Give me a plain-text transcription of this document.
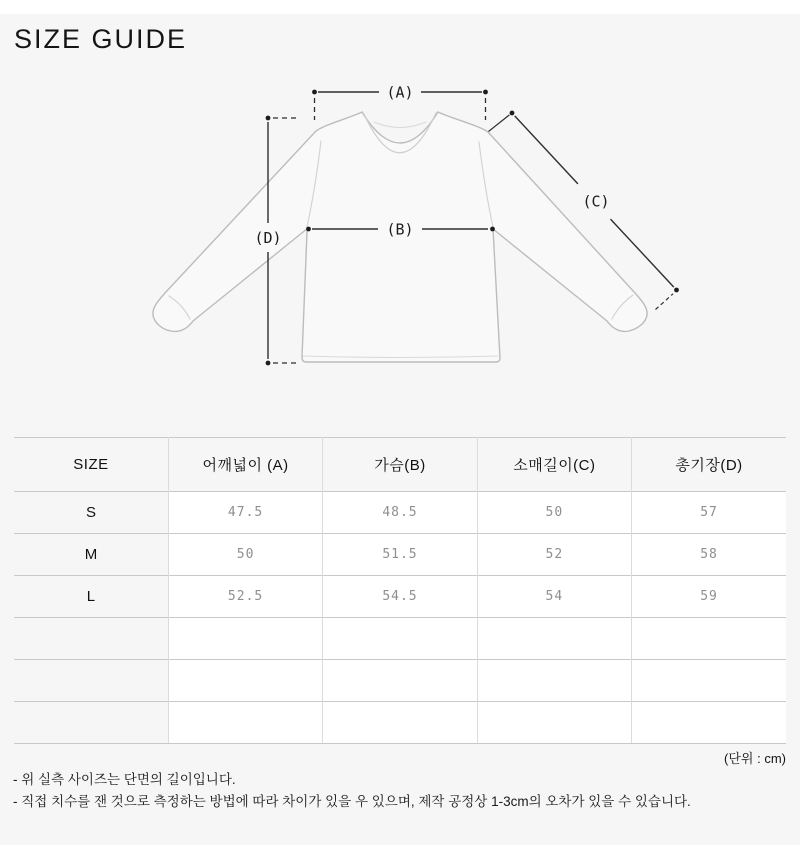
SIZE GUIDE
(A)
(B)
(C)
(D)
SIZE	어깨넓이 (A)	가슴(B)	소매길이(C)	총기장(D)
S	47.5	48.5	50	57
M	50	51.5	52	58
L	52.5	54.5	54	59

(단위 : cm)
- 위 실측 사이즈는 단면의 길이입니다.
- 직접 치수를 잰 것으로 측정하는 방법에 따라 차이가 있을 우 있으며, 제작 공정상 1-3cm의 오차가 있을 수 있습니다.
